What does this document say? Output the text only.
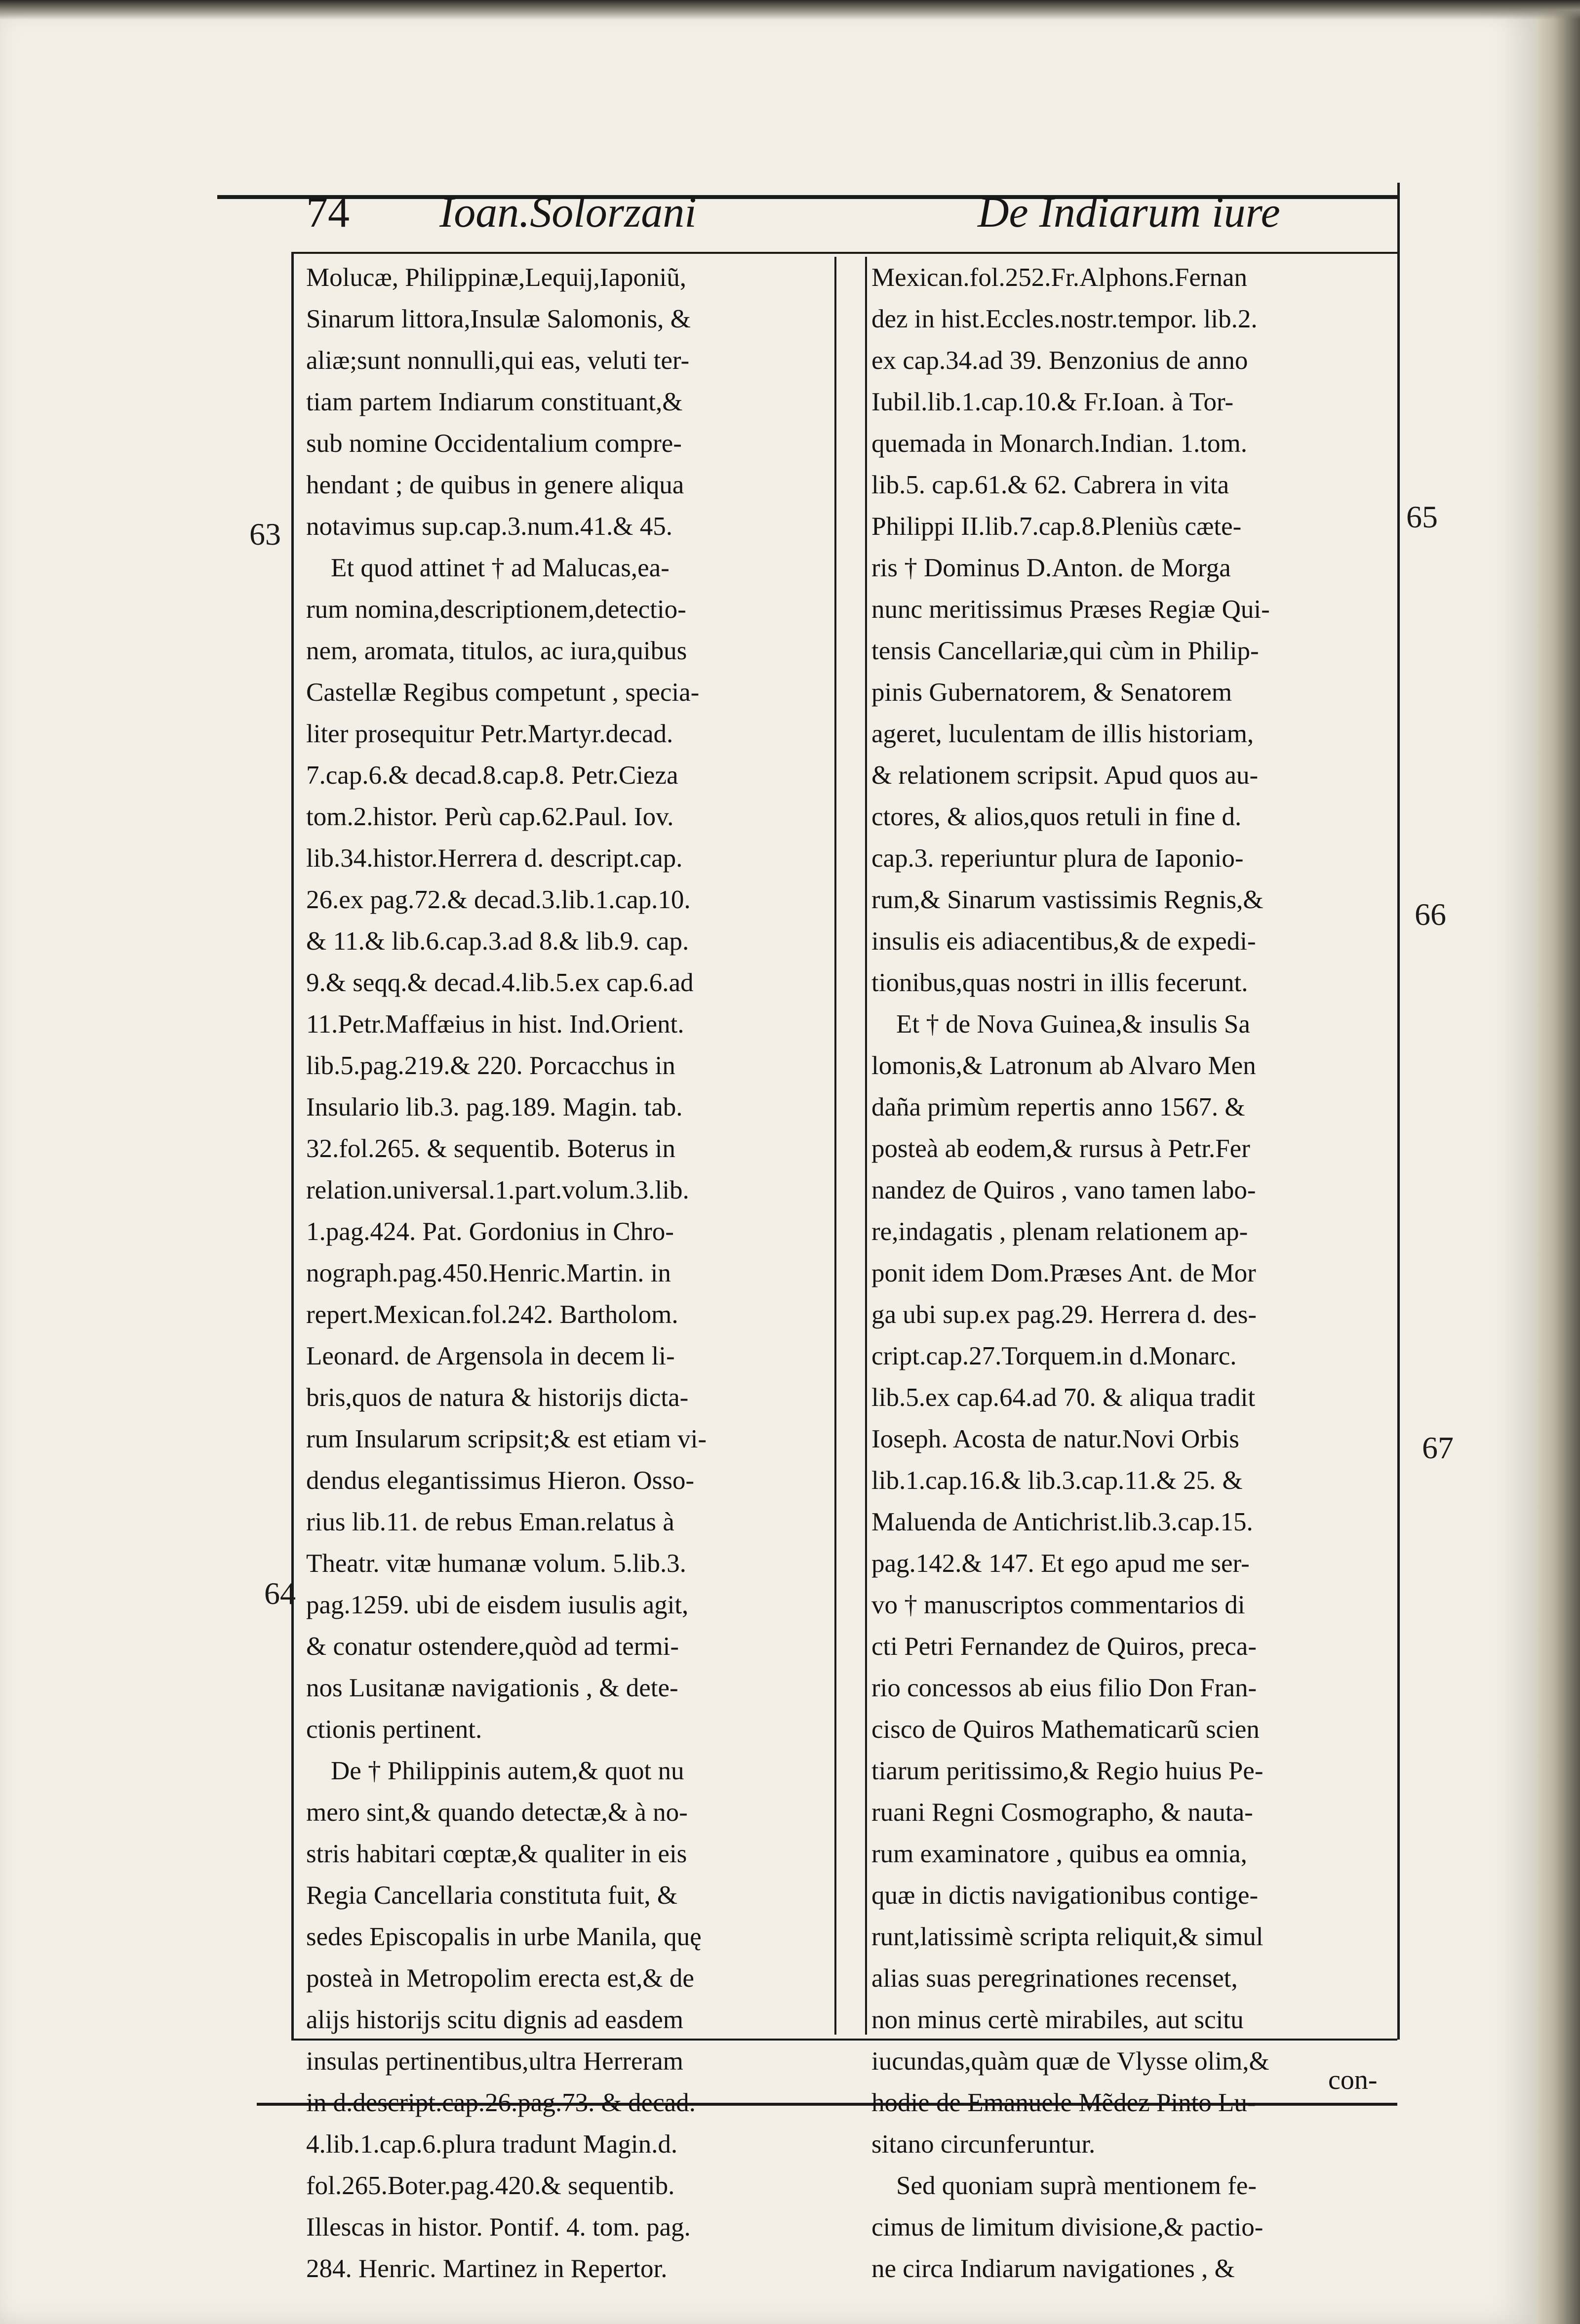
74 Ioan.Solorzani	De Indiarum iure
Molucæ, Philippinæ,Lequij,Iaponiũ,
Sinarum littora,Insulæ Salomonis, &
aliæ;sunt nonnulli,qui eas, veluti ter-
tiam partem Indiarum constituant,&
sub nomine Occidentalium compre-
hendant ; de quibus in genere aliqua
notavimus sup.cap.3.num.41.& 45.
Et quod attinet † ad Malucas,ea-
rum nomina,descriptionem,detectio-
nem, aromata, titulos, ac iura,quibus
Castellæ Regibus competunt , specia-
liter prosequitur Petr.Martyr.decad.
7.cap.6.& decad.8.cap.8. Petr.Cieza
tom.2.histor. Perù cap.62.Paul. Iov.
lib.34.histor.Herrera d. descript.cap.
26.ex pag.72.& decad.3.lib.1.cap.10.
& 11.& lib.6.cap.3.ad 8.& lib.9. cap.
9.& seqq.& decad.4.lib.5.ex cap.6.ad
11.Petr.Maffæius in hist. Ind.Orient.
lib.5.pag.219.& 220. Porcacchus in
Insulario lib.3. pag.189. Magin. tab.
32.fol.265. & sequentib. Boterus in
relation.universal.1.part.volum.3.lib.
1.pag.424. Pat. Gordonius in Chro-
nograph.pag.450.Henric.Martin. in
repert.Mexican.fol.242. Bartholom.
Leonard. de Argensola in decem li-
bris,quos de natura & historijs dicta-
rum Insularum scripsit;& est etiam vi-
dendus elegantissimus Hieron. Osso-
rius lib.11. de rebus Eman.relatus à
Theatr. vitæ humanæ volum. 5.lib.3.
pag.1259. ubi de eisdem iusulis agit,
& conatur ostendere,quòd ad termi-
nos Lusitanæ navigationis , & dete-
ctionis pertinent.
De † Philippinis autem,& quot nu
mero sint,& quando detectæ,& à no-
stris habitari cœptæ,& qualiter in eis
Regia Cancellaria constituta fuit, &
sedes Episcopalis in urbe Manila, quę
posteà in Metropolim erecta est,& de
alijs historijs scitu dignis ad easdem
insulas pertinentibus,ultra Herreram
in d.descript.cap.26.pag.73. & decad.
4.lib.1.cap.6.plura tradunt Magin.d.
fol.265.Boter.pag.420.& sequentib.
Illescas in histor. Pontif. 4. tom. pag.
284. Henric. Martinez in Repertor.
Mexican.fol.252.Fr.Alphons.Fernan
dez in hist.Eccles.nostr.tempor. lib.2.
ex cap.34.ad 39. Benzonius de anno
Iubil.lib.1.cap.10.& Fr.Ioan. à Tor-
quemada in Monarch.Indian. 1.tom.
lib.5. cap.61.& 62. Cabrera in vita
Philippi II.lib.7.cap.8.Pleniùs cæte-
ris † Dominus D.Anton. de Morga
nunc meritissimus Præses Regiæ Qui-
tensis Cancellariæ,qui cùm in Philip-
pinis Gubernatorem, & Senatorem
ageret, luculentam de illis historiam,
& relationem scripsit. Apud quos au-
ctores, & alios,quos retuli in fine d.
cap.3. reperiuntur plura de Iaponio-
rum,& Sinarum vastissimis Regnis,&
insulis eis adiacentibus,& de expedi-
tionibus,quas nostri in illis fecerunt.
Et † de Nova Guinea,& insulis Sa
lomonis,& Latronum ab Alvaro Men
daña primùm repertis anno 1567. &
posteà ab eodem,& rursus à Petr.Fer
nandez de Quiros , vano tamen labo-
re,indagatis , plenam relationem ap-
ponit idem Dom.Præses Ant. de Mor
ga ubi sup.ex pag.29. Herrera d. des-
cript.cap.27.Torquem.in d.Monarc.
lib.5.ex cap.64.ad 70. & aliqua tradit
Ioseph. Acosta de natur.Novi Orbis
lib.1.cap.16.& lib.3.cap.11.& 25. &
Maluenda de Antichrist.lib.3.cap.15.
pag.142.& 147. Et ego apud me ser-
vo † manuscriptos commentarios di
cti Petri Fernandez de Quiros, preca-
rio concessos ab eius filio Don Fran-
cisco de Quiros Mathematicarũ scien
tiarum peritissimo,& Regio huius Pe-
ruani Regni Cosmographo, & nauta-
rum examinatore , quibus ea omnia,
quæ in dictis navigationibus contige-
runt,latissimè scripta reliquit,& simul
alias suas peregrinationes recenset,
non minus certè mirabiles, aut scitu
iucundas,quàm quæ de Vlysse olim,&
hodie de Emanuele Mẽdez Pinto Lu-
sitano circunferuntur.
Sed quoniam suprà mentionem fe-
cimus de limitum divisione,& pactio-
ne circa Indiarum navigationes , &
63
64
65
66
67
con-
